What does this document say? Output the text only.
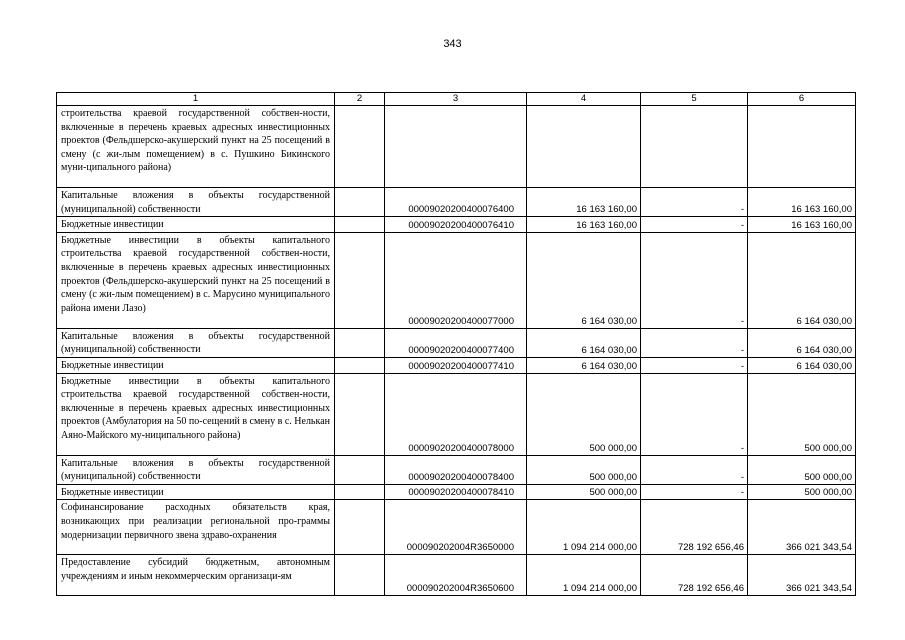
343
1	2	3	4	5	6
строительства краевой государственной собствен-ности, включенные в перечень краевых адресных инвестиционных проектов (Фельдшерско-акушерский пункт на 25 посещений в смену (с жи-лым помещением) в с. Пушкино Бикинского муни-ципального района)					
Капитальные вложения в объекты государственной (муниципальной) собственности		00009020200400076400	16 163 160,00	-	16 163 160,00
Бюджетные инвестиции		00009020200400076410	16 163 160,00	-	16 163 160,00
Бюджетные инвестиции в объекты капитального строительства краевой государственной собствен-ности, включенные в перечень краевых адресных инвестиционных проектов (Фельдшерско-акушерский пункт на 25 посещений в смену (с жи-лым помещением) в с. Марусино муниципального района имени Лазо)		00009020200400077000	6 164 030,00	-	6 164 030,00
Капитальные вложения в объекты государственной (муниципальной) собственности		00009020200400077400	6 164 030,00	-	6 164 030,00
Бюджетные инвестиции		00009020200400077410	6 164 030,00	-	6 164 030,00
Бюджетные инвестиции в объекты капитального строительства краевой государственной собствен-ности, включенные в перечень краевых адресных инвестиционных проектов (Амбулатория на 50 по-сещений в смену в с. Нелькан Аяно-Майского му-ниципального района)		00009020200400078000	500 000,00	-	500 000,00
Капитальные вложения в объекты государственной (муниципальной) собственности		00009020200400078400	500 000,00	-	500 000,00
Бюджетные инвестиции		00009020200400078410	500 000,00	-	500 000,00
Софинансирование расходных обязательств края, возникающих при реализации региональной про-граммы модернизации первичного звена здраво-охранения		000090202004R3650000	1 094 214 000,00	728 192 656,46	366 021 343,54
Предоставление субсидий бюджетным, автономным учреждениям и иным некоммерческим организаци-ям		000090202004R3650600	1 094 214 000,00	728 192 656,46	366 021 343,54
